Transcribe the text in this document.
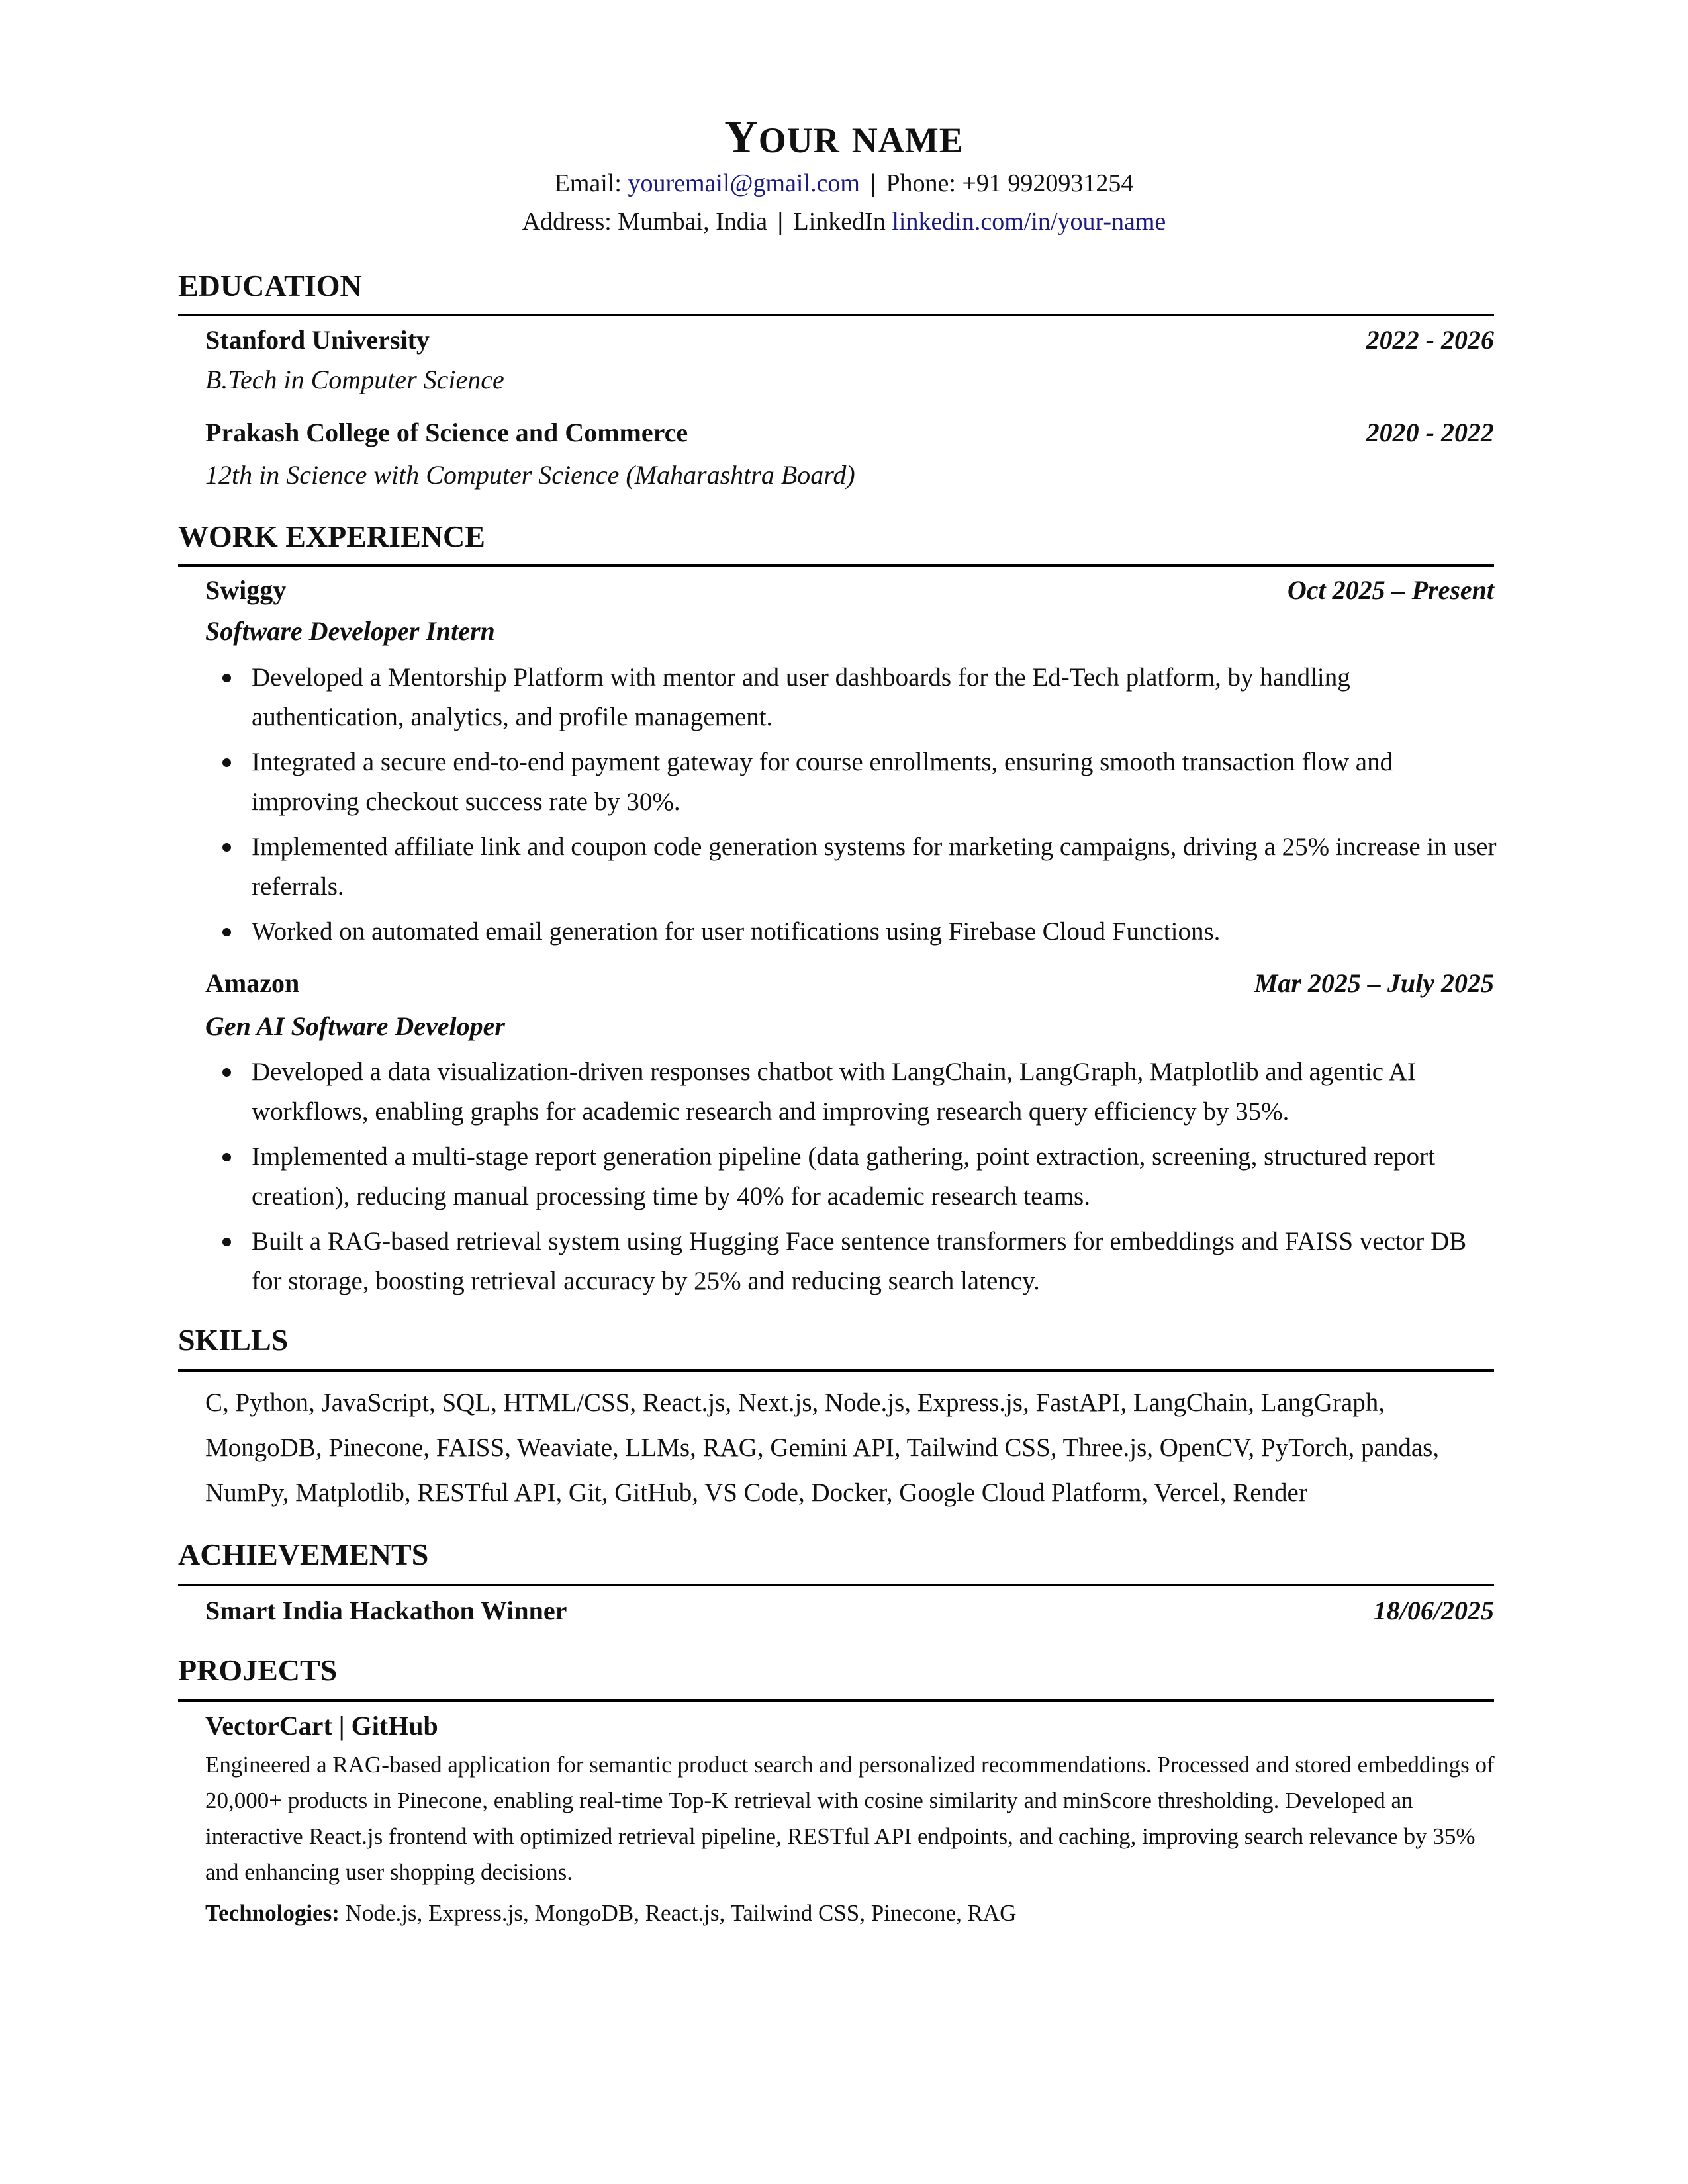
YOUR NAME
Email: youremail@gmail.com | Phone: +91 9920931254
Address: Mumbai, India | LinkedIn linkedin.com/in/your-name
EDUCATION
Stanford University	2022 - 2026
B.Tech in Computer Science
Prakash College of Science and Commerce	2020 - 2022
12th in Science with Computer Science (Maharashtra Board)
WORK EXPERIENCE
Swiggy	Oct 2025 – Present
Software Developer Intern
Developed a Mentorship Platform with mentor and user dashboards for the Ed-Tech platform, by handling authentication, analytics, and profile management.
Integrated a secure end-to-end payment gateway for course enrollments, ensuring smooth transaction flow and improving checkout success rate by 30%.
Implemented affiliate link and coupon code generation systems for marketing campaigns, driving a 25% increase in user referrals.
Worked on automated email generation for user notifications using Firebase Cloud Functions.
Amazon	Mar 2025 – July 2025
Gen AI Software Developer
Developed a data visualization-driven responses chatbot with LangChain, LangGraph, Matplotlib and agentic AI workflows, enabling graphs for academic research and improving research query efficiency by 35%.
Implemented a multi-stage report generation pipeline (data gathering, point extraction, screening, structured report creation), reducing manual processing time by 40% for academic research teams.
Built a RAG-based retrieval system using Hugging Face sentence transformers for embeddings and FAISS vector DB for storage, boosting retrieval accuracy by 25% and reducing search latency.
SKILLS
C, Python, JavaScript, SQL, HTML/CSS, React.js, Next.js, Node.js, Express.js, FastAPI, LangChain, LangGraph, MongoDB, Pinecone, FAISS, Weaviate, LLMs, RAG, Gemini API, Tailwind CSS, Three.js, OpenCV, PyTorch, pandas, NumPy, Matplotlib, RESTful API, Git, GitHub, VS Code, Docker, Google Cloud Platform, Vercel, Render
ACHIEVEMENTS
Smart India Hackathon Winner	18/06/2025
PROJECTS
VectorCart | GitHub
Engineered a RAG-based application for semantic product search and personalized recommendations. Processed and stored embeddings of 20,000+ products in Pinecone, enabling real-time Top-K retrieval with cosine similarity and minScore thresholding. Developed an interactive React.js frontend with optimized retrieval pipeline, RESTful API endpoints, and caching, improving search relevance by 35% and enhancing user shopping decisions.
Technologies: Node.js, Express.js, MongoDB, React.js, Tailwind CSS, Pinecone, RAG
